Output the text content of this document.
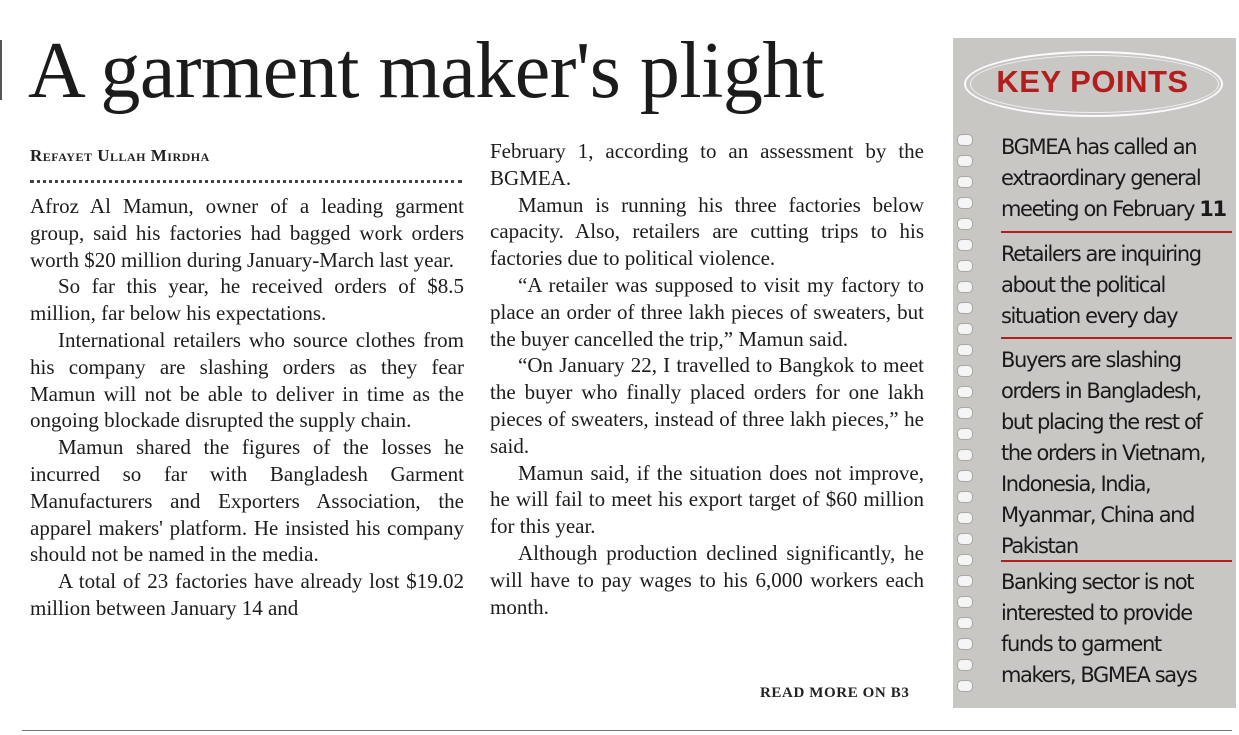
A garment maker's plight
Refayet Ullah Mirdha

Afroz Al Mamun, owner of a leading garment group, said his factories had bagged work orders worth $20 million during January-March last year.

So far this year, he received orders of $8.5 million, far below his expectations.

International retailers who source clothes from his company are slashing orders as they fear Mamun will not be able to deliver in time as the ongoing blockade disrupted the supply chain.

Mamun shared the figures of the losses he incurred so far with Bangladesh Garment Manufacturers and Exporters Association, the apparel makers' platform. He insisted his company should not be named in the media.

A total of 23 factories have already lost $19.02 million between January 14 and

February 1, according to an assessment by the BGMEA.

Mamun is running his three factories below capacity. Also, retailers are cutting trips to his factories due to political violence.

“A retailer was supposed to visit my factory to place an order of three lakh pieces of sweaters, but the buyer cancelled the trip,” Mamun said.

“On January 22, I travelled to Bangkok to meet the buyer who finally placed orders for one lakh pieces of sweaters, instead of three lakh pieces,” he said.

Mamun said, if the situation does not improve, he will fail to meet his export target of $60 million for this year.

Although production declined significantly, he will have to pay wages to his 6,000 workers each month.

READ MORE ON B3
KEY POINTS
BGMEA has called an extraordinary general meeting on February 11
Retailers are inquiring about the political situation every day
Buyers are slashing orders in Bangladesh, but placing the rest of the orders in Vietnam, Indonesia, India, Myanmar, China and Pakistan
Banking sector is not interested to provide funds to garment makers, BGMEA says
